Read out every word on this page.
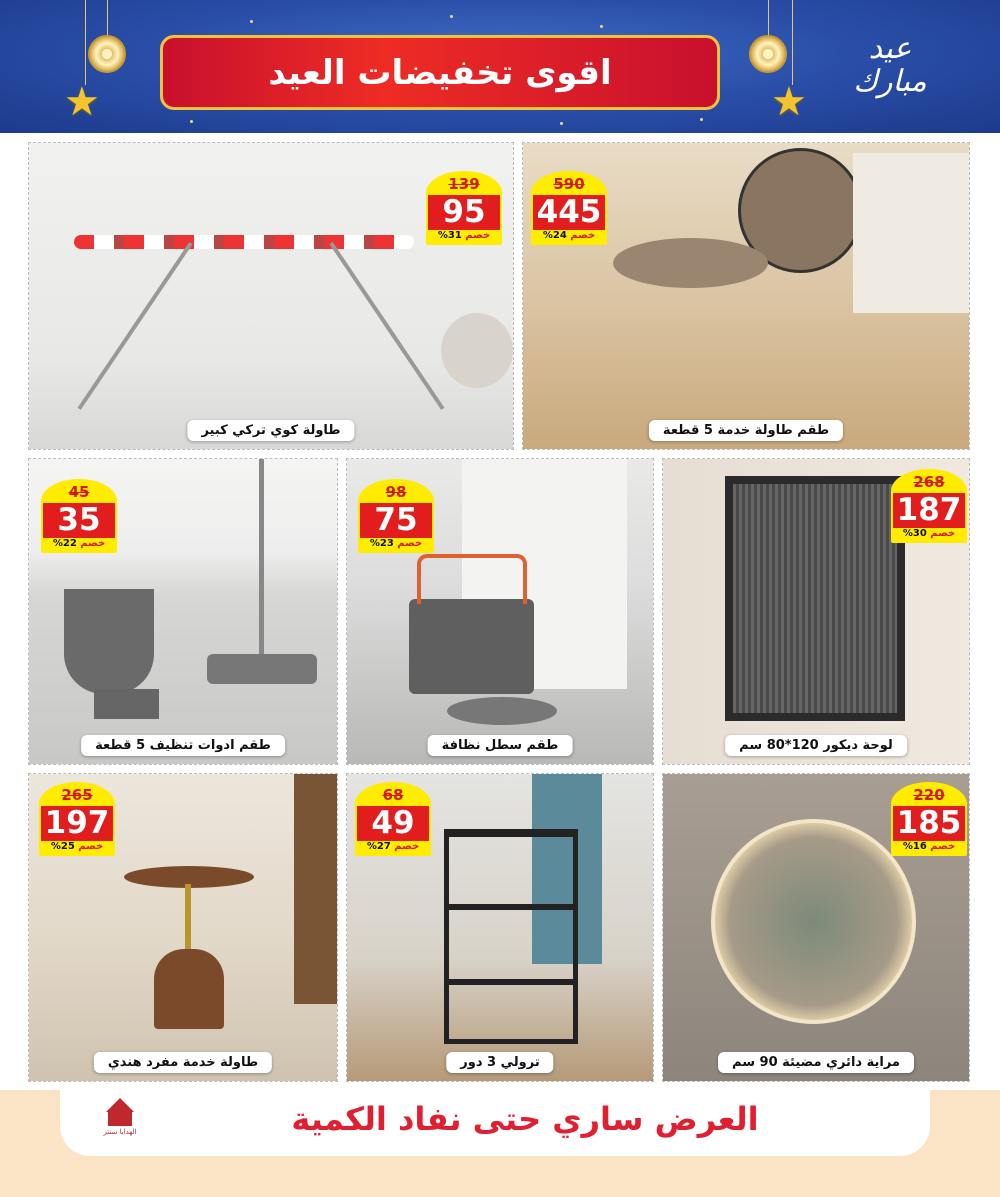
★
اقوى تخفيضات العيد
★
عيد مبارك
139
95
خصم 31%
طاولة كوي تركي كبير
590
445
خصم 24%
طقم طاولة خدمة 5 قطعة
45
35
خصم 22%
طقم ادوات تنظيف 5 قطعة
98
75
خصم 23%
طقم سطل نظافة
268
187
خصم 30%
لوحة ديكور 120*80 سم
265
197
خصم 25%
طاولة خدمة مفرد هندي
68
49
خصم 27%
ترولي 3 دور
220
185
خصم 16%
مراية دائري مضيئة 90 سم
الهدايا سنتر	العرض ساري حتى نفاد الكمية
